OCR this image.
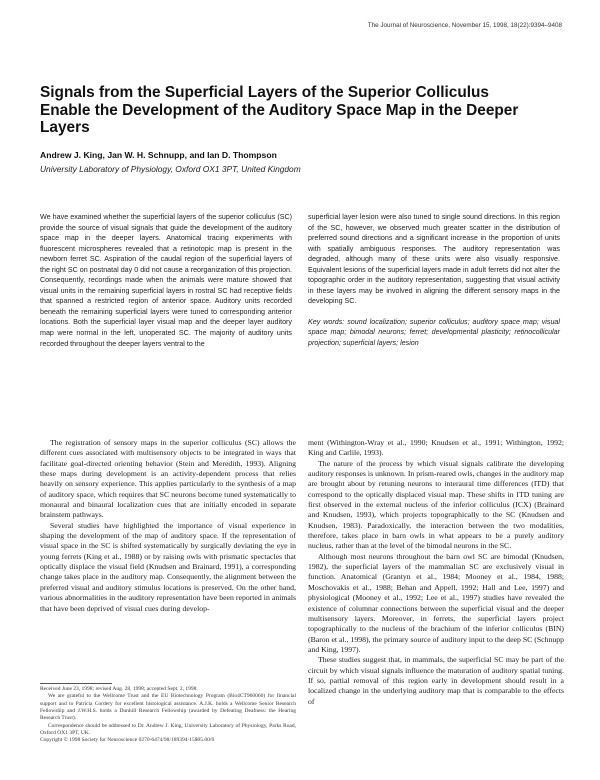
The Journal of Neuroscience, November 15, 1998, 18(22):9394–9408
Signals from the Superficial Layers of the Superior Colliculus Enable the Development of the Auditory Space Map in the Deeper Layers
Andrew J. King, Jan W. H. Schnupp, and Ian D. Thompson
University Laboratory of Physiology, Oxford OX1 3PT, United Kingdom

We have examined whether the superficial layers of the superior colliculus (SC) provide the source of visual signals that guide the development of the auditory space map in the deeper layers. Anatomical tracing experiments with fluorescent microspheres revealed that a retinotopic map is present in the newborn ferret SC. Aspiration of the caudal region of the superficial layers of the right SC on postnatal day 0 did not cause a reorganization of this projection. Consequently, recordings made when the animals were mature showed that visual units in the remaining superficial layers in rostral SC had receptive fields that spanned a restricted region of anterior space. Auditory units recorded beneath the remaining superficial layers were tuned to corresponding anterior locations. Both the superficial layer visual map and the deeper layer auditory map were normal in the left, unoperated SC. The majority of auditory units recorded throughout the deeper layers ventral to the

superficial layer lesion were also tuned to single sound directions. In this region of the SC, however, we observed much greater scatter in the distribution of preferred sound directions and a significant increase in the proportion of units with spatially ambiguous responses. The auditory representation was degraded, although many of these units were also visually responsive. Equivalent lesions of the superficial layers made in adult ferrets did not alter the topographic order in the auditory representation, suggesting that visual activity in these layers may be involved in aligning the different sensory maps in the developing SC.

Key words: sound localization; superior colliculus; auditory space map; visual space map; bimodal neurons; ferret; developmental plasticity; retinocollicular projection; superficial layers; lesion

The registration of sensory maps in the superior colliculus (SC) allows the different cues associated with multisensory objects to be integrated in ways that facilitate goal-directed orienting behavior (Stein and Meredith, 1993). Aligning these maps during development is an activity-dependent process that relies heavily on sensory experience. This applies particularly to the synthesis of a map of auditory space, which requires that SC neurons become tuned systematically to monaural and binaural localization cues that are initially encoded in separate brainstem pathways.

Several studies have highlighted the importance of visual experience in shaping the development of the map of auditory space. If the representation of visual space in the SC is shifted systematically by surgically deviating the eye in young ferrets (King et al., 1988) or by raising owls with prismatic spectacles that optically displace the visual field (Knudsen and Brainard, 1991), a corresponding change takes place in the auditory map. Consequently, the alignment between the preferred visual and auditory stimulus locations is preserved. On the other hand, various abnormalities in the auditory representation have been reported in animals that have been deprived of visual cues during develop-

ment (Withington-Wray et al., 1990; Knudsen et al., 1991; Withington, 1992; King and Carlile, 1993).

The nature of the process by which visual signals calibrate the developing auditory responses is unknown. In prism-reared owls, changes in the auditory map are brought about by retuning neurons to interaural time differences (ITD) that correspond to the optically displaced visual map. These shifts in ITD tuning are first observed in the external nucleus of the inferior colliculus (ICX) (Brainard and Knudsen, 1993), which projects topographically to the SC (Knudsen and Knudsen, 1983). Paradoxically, the interaction between the two modalities, therefore, takes place in barn owls in what appears to be a purely auditory nucleus, rather than at the level of the bimodal neurons in the SC.

Although most neurons throughout the barn owl SC are bimodal (Knudsen, 1982), the superficial layers of the mammalian SC are exclusively visual in function. Anatomical (Grantyn et al., 1984; Mooney et al., 1984, 1988; Moschovakis et al., 1988; Behan and Appell, 1992; Hall and Lee, 1997) and physiological (Mooney et al., 1992; Lee et al., 1997) studies have revealed the existence of columnar connections between the superficial visual and the deeper multisensory layers. Moreover, in ferrets, the superficial layers project topographically to the nucleus of the brachium of the inferior colliculus (BIN) (Baron et al., 1998), the primary source of auditory input to the deep SC (Schnupp and King, 1997).

These studies suggest that, in mammals, the superficial SC may be part of the circuit by which visual signals influence the maturation of auditory spatial tuning. If so, partial removal of this region early in development should result in a localized change in the underlying auditory map that is comparable to the effects of

Received June 23, 1998; revised Aug. 28, 1998; accepted Sept. 2, 1998.

We are grateful to the Wellcome Trust and the EU Biotechnology Program (Bio4CT960060) for financial support and to Patricia Cordery for excellent histological assistance. A.J.K. holds a Wellcome Senior Research Fellowship and J.W.H.S. holds a Dunhill Research Fellowship (awarded by Defeating Deafness: the Hearing Research Trust).

Correspondence should be addressed to Dr. Andrew J. King, University Laboratory of Physiology, Parks Road, Oxford OX1 3PT, UK.

Copyright © 1998 Society for Neuroscience 0270-6474/98/189394-15$05.00/0
